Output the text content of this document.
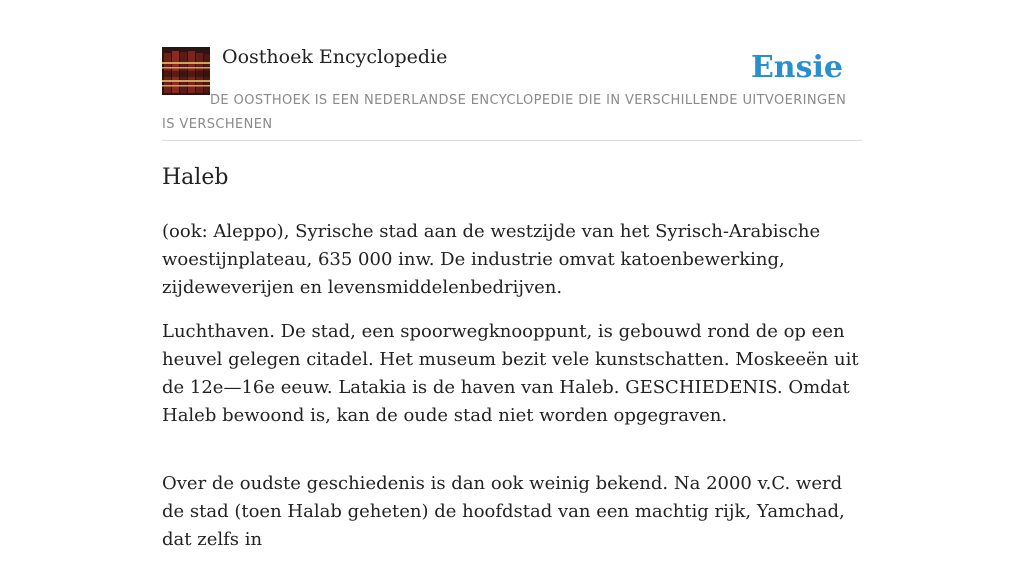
Oosthoek Encyclopedie	Ensie
DE OOSTHOEK IS EEN NEDERLANDSE ENCYCLOPEDIE DIE IN VERSCHILLENDE UITVOERINGEN IS VERSCHENEN
Haleb

(ook: Aleppo), Syrische stad aan de westzijde van het Syrisch-Arabische woestijnplateau, 635 000 inw. De industrie omvat katoenbewerking, zijdeweverijen en levensmiddelenbedrijven.

Luchthaven. De stad, een spoorwegknooppunt, is gebouwd rond de op een heuvel gelegen citadel. Het museum bezit vele kunstschatten. Moskeeën uit de 12e—16e eeuw. Latakia is de haven van Haleb. GESCHIEDENIS. Omdat Haleb bewoond is, kan de oude stad niet worden opgegraven.

Over de oudste geschiedenis is dan ook weinig bekend. Na 2000 v.C. werd de stad (toen Halab geheten) de hoofdstad van een machtig rijk, Yamchad, dat zelfs in
